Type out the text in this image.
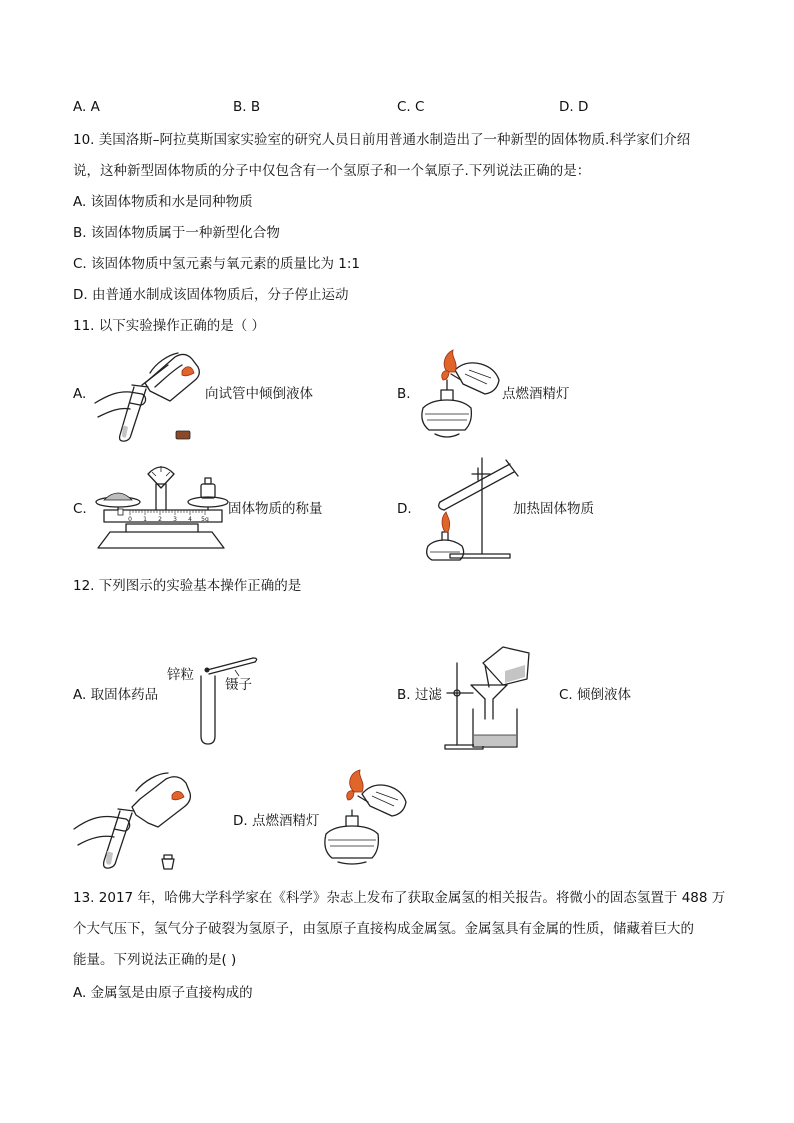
A. A	B. B	C. C	D. D
10. 美国洛斯–阿拉莫斯国家实验室的研究人员日前用普通水制造出了一种新型的固体物质.科学家们介绍
说，这种新型固体物质的分子中仅包含有一个氢原子和一个氧原子.下列说法正确的是：
A. 该固体物质和水是同种物质
B. 该固体物质属于一种新型化合物
C. 该固体物质中氢元素与氧元素的质量比为 1:1
D. 由普通水制成该固体物质后，分子停止运动
11. 以下实验操作正确的是（ ）
A.	向试管中倾倒液体	B.	点燃酒精灯
C.
0 1 2 3 4 5g
固体物质的称量	D.	加热固体物质
12. 下列图示的实验基本操作正确的是
A. 取固体药品
锌粒
镊子
B. 过滤	C. 倾倒液体
D. 点燃酒精灯
13. 2017 年，哈佛大学科学家在《科学》杂志上发布了获取金属氢的相关报告。将微小的固态氢置于 488 万
个大气压下，氢气分子破裂为氢原子，由氢原子直接构成金属氢。金属氢具有金属的性质，储藏着巨大的
能量。下列说法正确的是( )
A. 金属氢是由原子直接构成的
